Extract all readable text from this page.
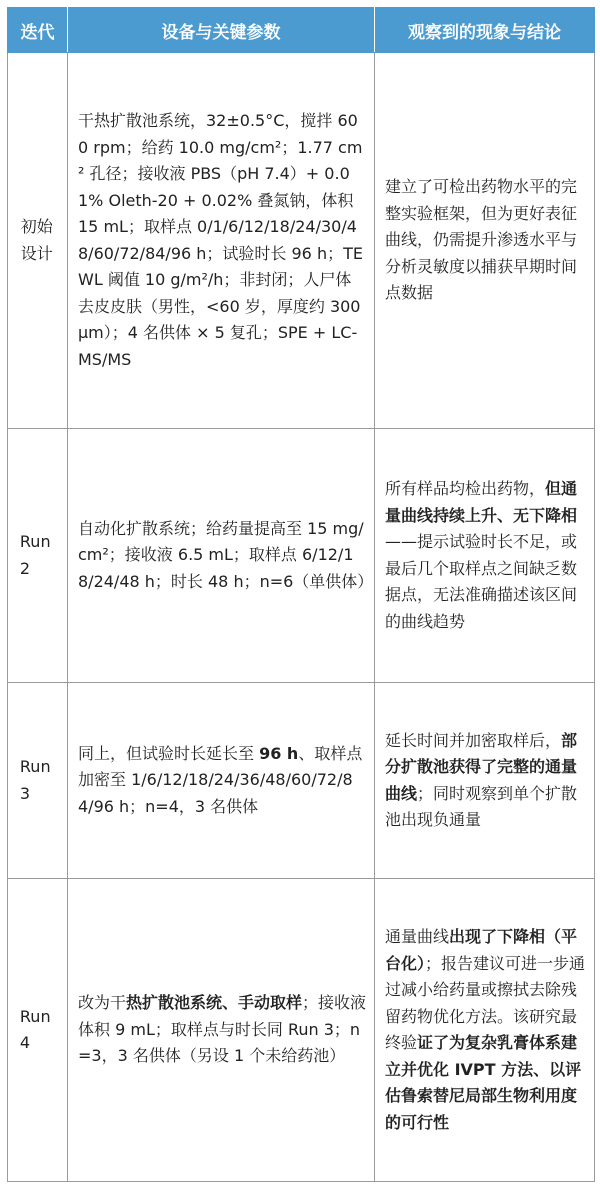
迭代	设备与关键参数	观察到的现象与结论
初始设计	干热扩散池系统，32±0.5°C，搅拌 600 rpm；给药 10.0 mg/cm²；1.77 cm² 孔径；接收液 PBS（pH 7.4）+ 0.01% Oleth-20 + 0.02% 叠氮钠，体积 15 mL；取样点 0/1/6/12/18/24/30/48/60/72/84/96 h；试验时长 96 h；TEWL 阈值 10 g/m²/h；非封闭；人尸体去皮皮肤（男性，<60 岁，厚度约 300 μm）；4 名供体 × 5 复孔；SPE + LC-MS/MS	建立了可检出药物水平的完整实验框架，但为更好表征曲线，仍需提升渗透水平与分析灵敏度以捕获早期时间点数据
Run 2	自动化扩散系统；给药量提高至 15 mg/cm²；接收液 6.5 mL；取样点 6/12/18/24/48 h；时长 48 h；n=6（单供体）	所有样品均检出药物，但通量曲线持续上升、无下降相——提示试验时长不足，或最后几个取样点之间缺乏数据点，无法准确描述该区间的曲线趋势
Run 3	同上，但试验时长延长至 96 h、取样点加密至 1/6/12/18/24/36/48/60/72/84/96 h；n=4，3 名供体	延长时间并加密取样后，部分扩散池获得了完整的通量曲线；同时观察到单个扩散池出现负通量
Run 4	改为干热扩散池系统、手动取样；接收液体积 9 mL；取样点与时长同 Run 3；n=3，3 名供体（另设 1 个未给药池）	通量曲线出现了下降相（平台化）；报告建议可进一步通过减小给药量或擦拭去除残留药物优化方法。该研究最终验证了为复杂乳膏体系建立并优化 IVPT 方法、以评估鲁索替尼局部生物利用度的可行性
